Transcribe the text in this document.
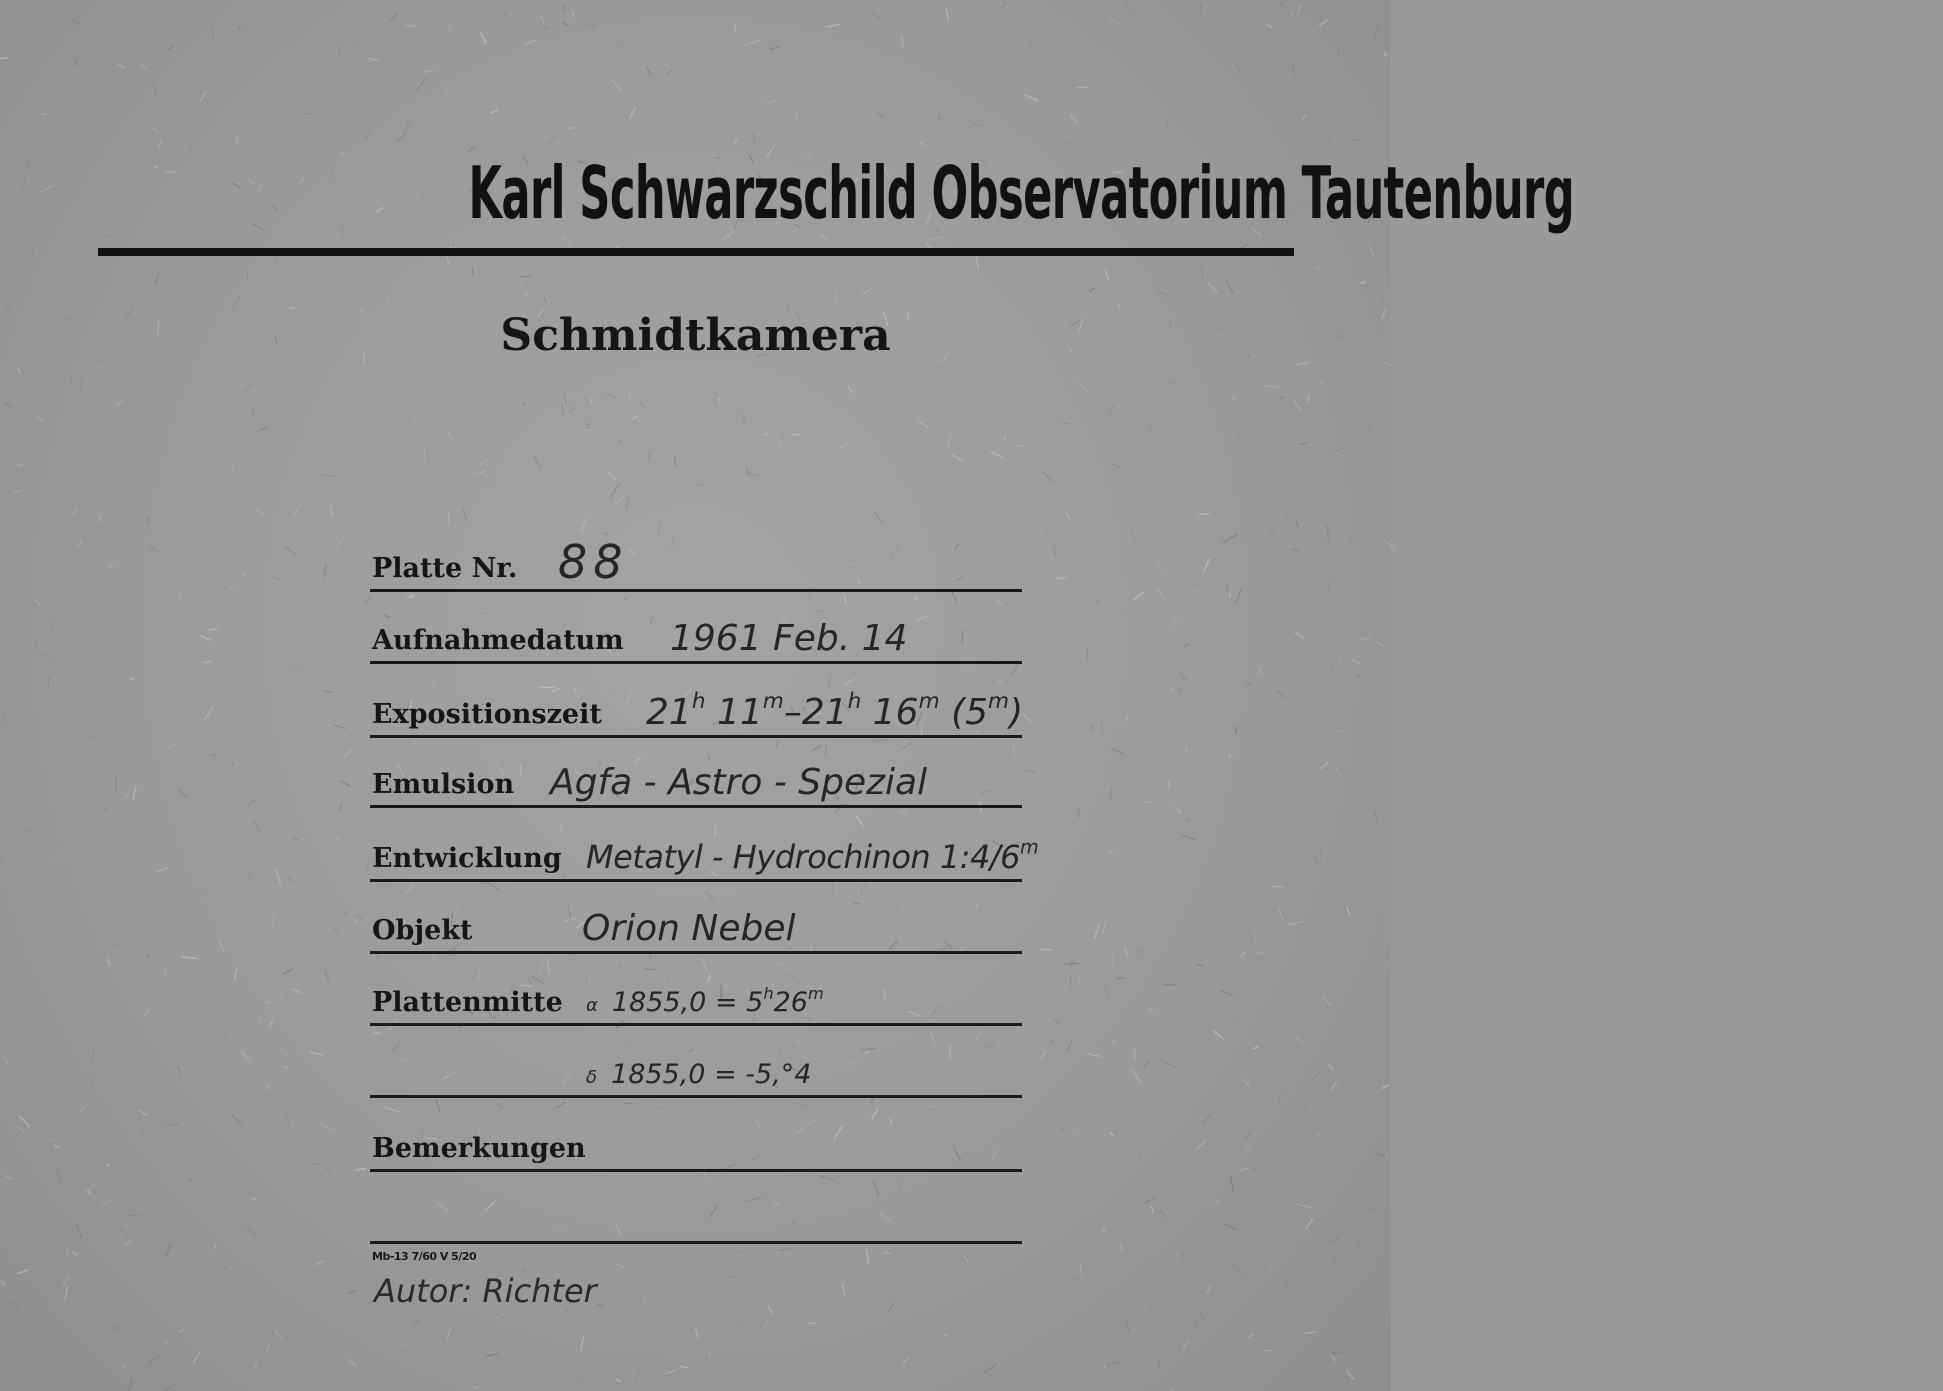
Karl Schwarzschild Observatorium Tautenburg
Schmidtkamera
Platte Nr. 88
Aufnahmedatum 1961 Feb. 14
Expositionszeit 21$^h$ 11$^m$–21$^h$ 16$^m$ (5$^m$)
Emulsion Agfa - Astro - Spezial
Entwicklung Metatyl - Hydrochinon 1:4/6$^m$
Objekt	Orion Nebel
Plattenmitte α $1855,0 = 5^h26^m$
δ 1855,0 = -5,°4
Bemerkungen
Mb-13 7/60 V 5/20
Autor: Richter
